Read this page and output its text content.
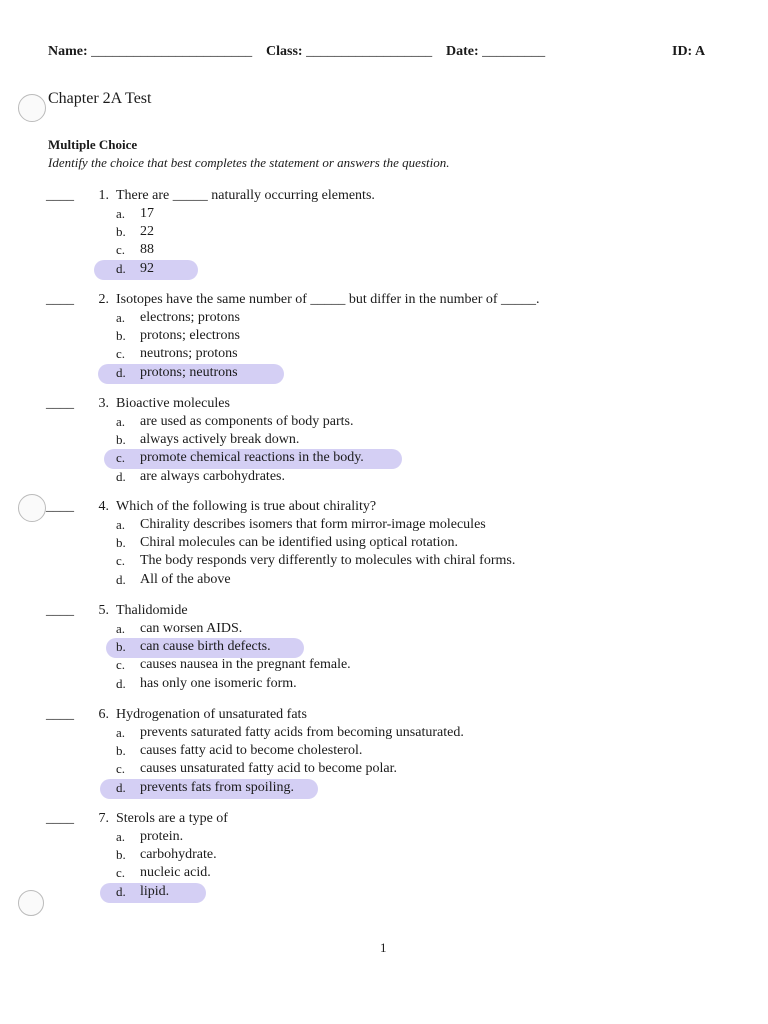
Name: _______________________ Class: __________________ Date: _________	ID: A
Chapter 2A Test
Multiple Choice
Identify the choice that best completes the statement or answers the question.
____	1. There are _____ naturally occurring elements.
a. 17
b. 22
c. 88
d. 92
____	2. Isotopes have the same number of _____ but differ in the number of _____.
a. electrons; protons
b. protons; electrons
c. neutrons; protons
d. protons; neutrons
____	3. Bioactive molecules
a. are used as components of body parts.
b. always actively break down.
c. promote chemical reactions in the body.
d. are always carbohydrates.
____	4. Which of the following is true about chirality?
a. Chirality describes isomers that form mirror-image molecules
b. Chiral molecules can be identified using optical rotation.
c. The body responds very differently to molecules with chiral forms.
d. All of the above
____	5. Thalidomide
a. can worsen AIDS.
b. can cause birth defects.
c. causes nausea in the pregnant female.
d. has only one isomeric form.
____	6. Hydrogenation of unsaturated fats
a. prevents saturated fatty acids from becoming unsaturated.
b. causes fatty acid to become cholesterol.
c. causes unsaturated fatty acid to become polar.
d. prevents fats from spoiling.
____	7. Sterols are a type of
a. protein.
b. carbohydrate.
c. nucleic acid.
d. lipid.
1
